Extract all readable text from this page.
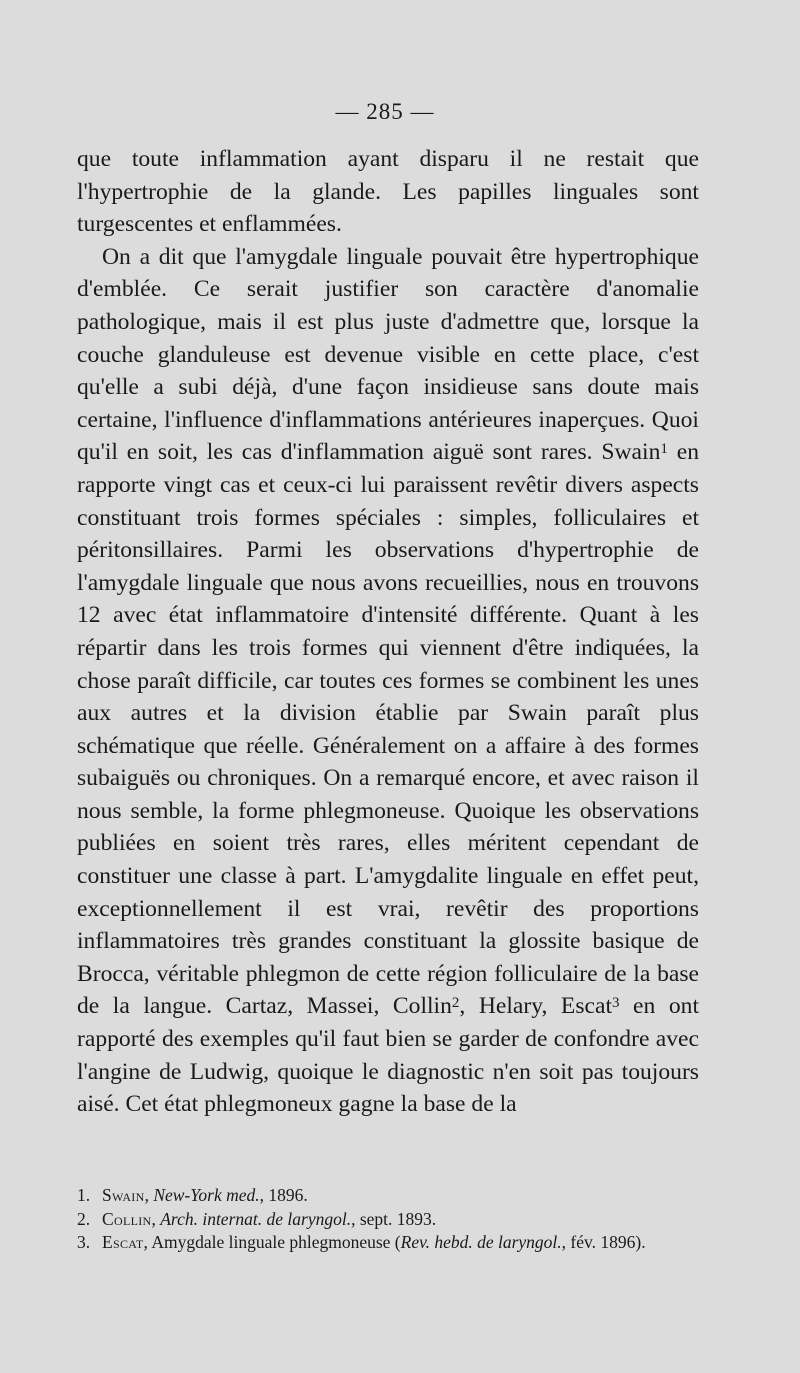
— 285 —

que toute inflammation ayant disparu il ne restait que l'hypertrophie de la glande. Les papilles linguales sont turgescentes et enflammées.

On a dit que l'amygdale linguale pouvait être hypertrophique d'emblée. Ce serait justifier son caractère d'anomalie pathologique, mais il est plus juste d'admettre que, lorsque la couche glanduleuse est devenue visible en cette place, c'est qu'elle a subi déjà, d'une façon insidieuse sans doute mais certaine, l'influence d'inflammations antérieures inaperçues. Quoi qu'il en soit, les cas d'inflammation aiguë sont rares. Swain$^1$ en rapporte vingt cas et ceux-ci lui paraissent revêtir divers aspects constituant trois formes spéciales : simples, folliculaires et péritonsillaires. Parmi les observations d'hypertrophie de l'amygdale linguale que nous avons recueillies, nous en trouvons 12 avec état inflammatoire d'intensité différente. Quant à les répartir dans les trois formes qui viennent d'être indiquées, la chose paraît difficile, car toutes ces formes se combinent les unes aux autres et la division établie par Swain paraît plus schématique que réelle. Généralement on a affaire à des formes subaiguës ou chroniques. On a remarqué encore, et avec raison il nous semble, la forme phlegmoneuse. Quoique les observations publiées en soient très rares, elles méritent cependant de constituer une classe à part. L'amygdalite linguale en effet peut, exceptionnellement il est vrai, revêtir des proportions inflammatoires très grandes constituant la glossite basique de Brocca, véritable phlegmon de cette région folliculaire de la base de la langue. Cartaz, Massei, Collin$^2$, Helary, Escat$^3$ en ont rapporté des exemples qu'il faut bien se garder de confondre avec l'angine de Ludwig, quoique le diagnostic n'en soit pas toujours aisé. Cet état phlegmoneux gagne la base de la

1. Swain, New-York med., 1896.

2. Collin, Arch. internat. de laryngol., sept. 1893.

3. Escat, Amygdale linguale phlegmoneuse (Rev. hebd. de laryngol., fév. 1896).
